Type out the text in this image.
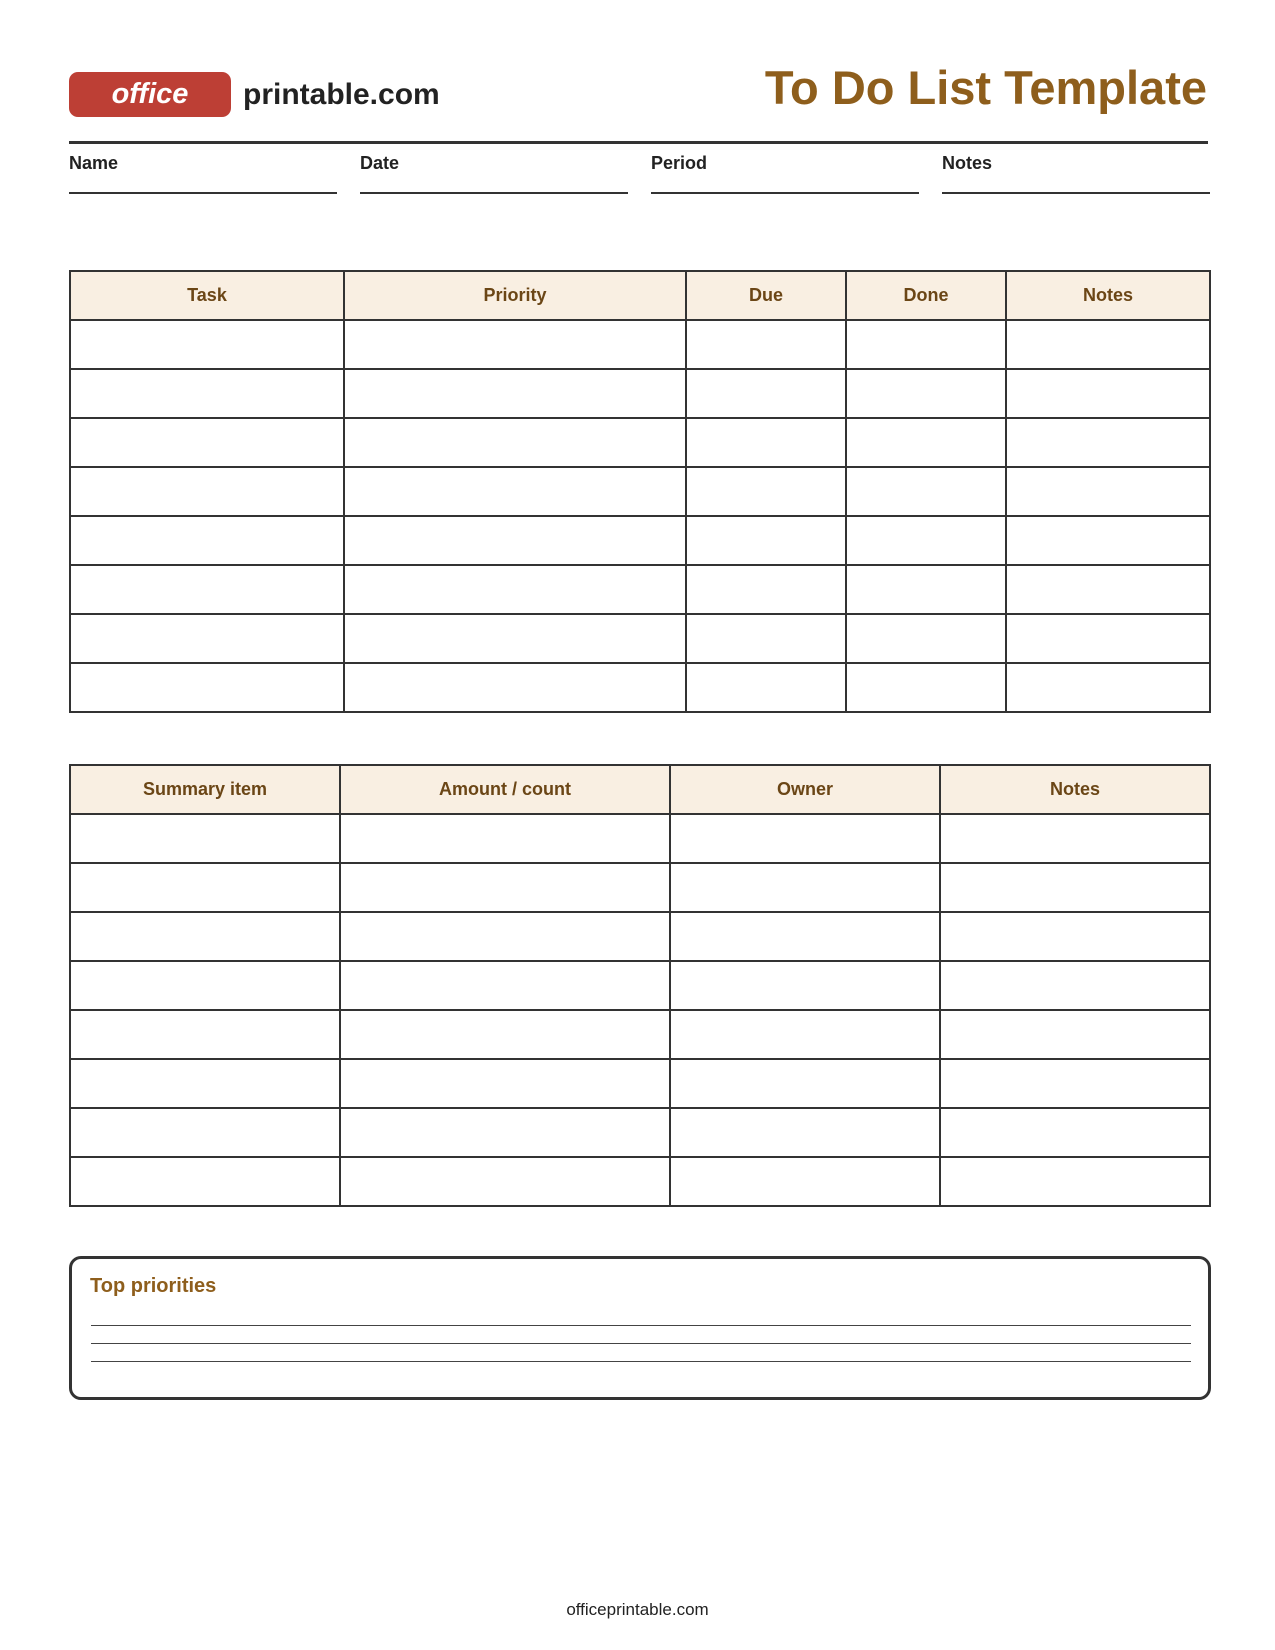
office	printable.com	To Do List Template
Name	Date	Period	Notes
Task	Priority	Due	Done	Notes

Summary item	Amount / count	Owner	Notes

Top priorities
officeprintable.com
